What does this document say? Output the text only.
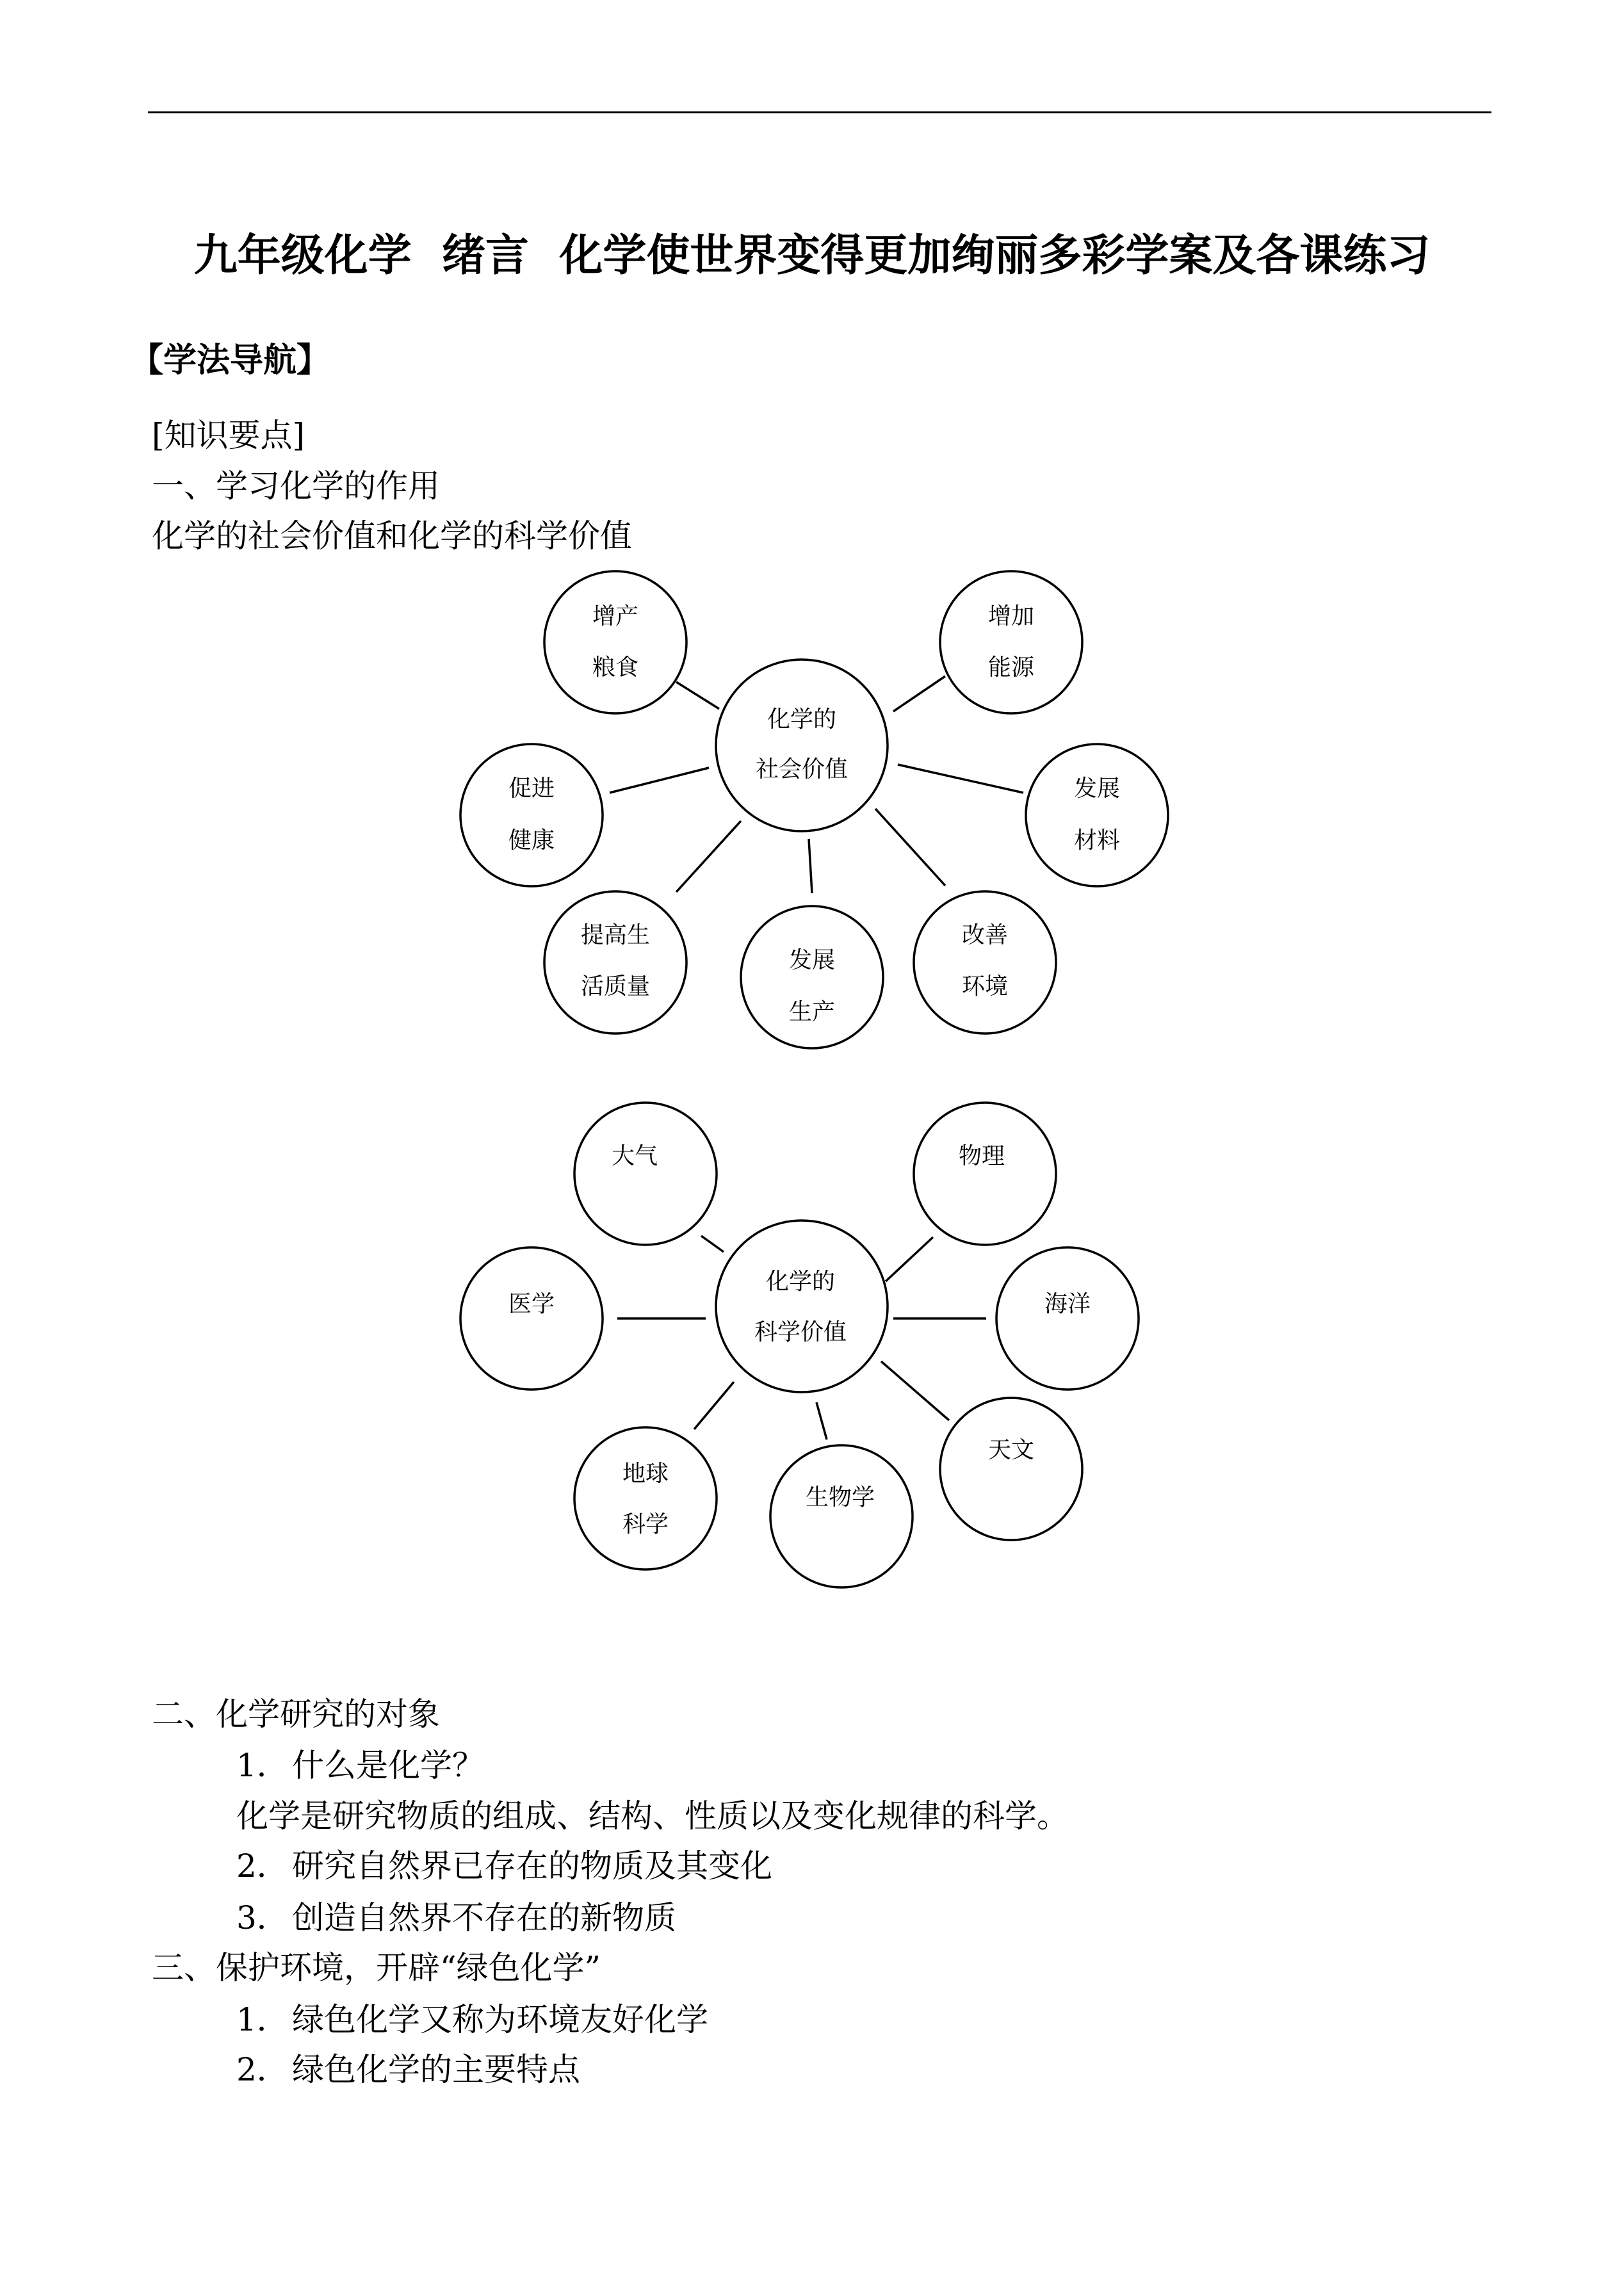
九年级化学  绪言  化学使世界变得更加绚丽多彩学案及各课练习
【学法导航】
[知识要点]
一、学习化学的作用
化学的社会价值和化学的科学价值
化学的
社会价值
增产
粮食
增加
能源
促进
健康
发展
材料
提高生
活质量
发展
生产
改善
环境
化学的
科学价值
大气	物理
医学	海洋
地球
科学
生物学
天文
二、化学研究的对象
1． 什么是化学？
化学是研究物质的组成、结构、性质以及变化规律的科学。
2． 研究自然界已存在的物质及其变化
3． 创造自然界不存在的新物质
三、保护环境，开辟“绿色化学”
1． 绿色化学又称为环境友好化学
2． 绿色化学的主要特点
